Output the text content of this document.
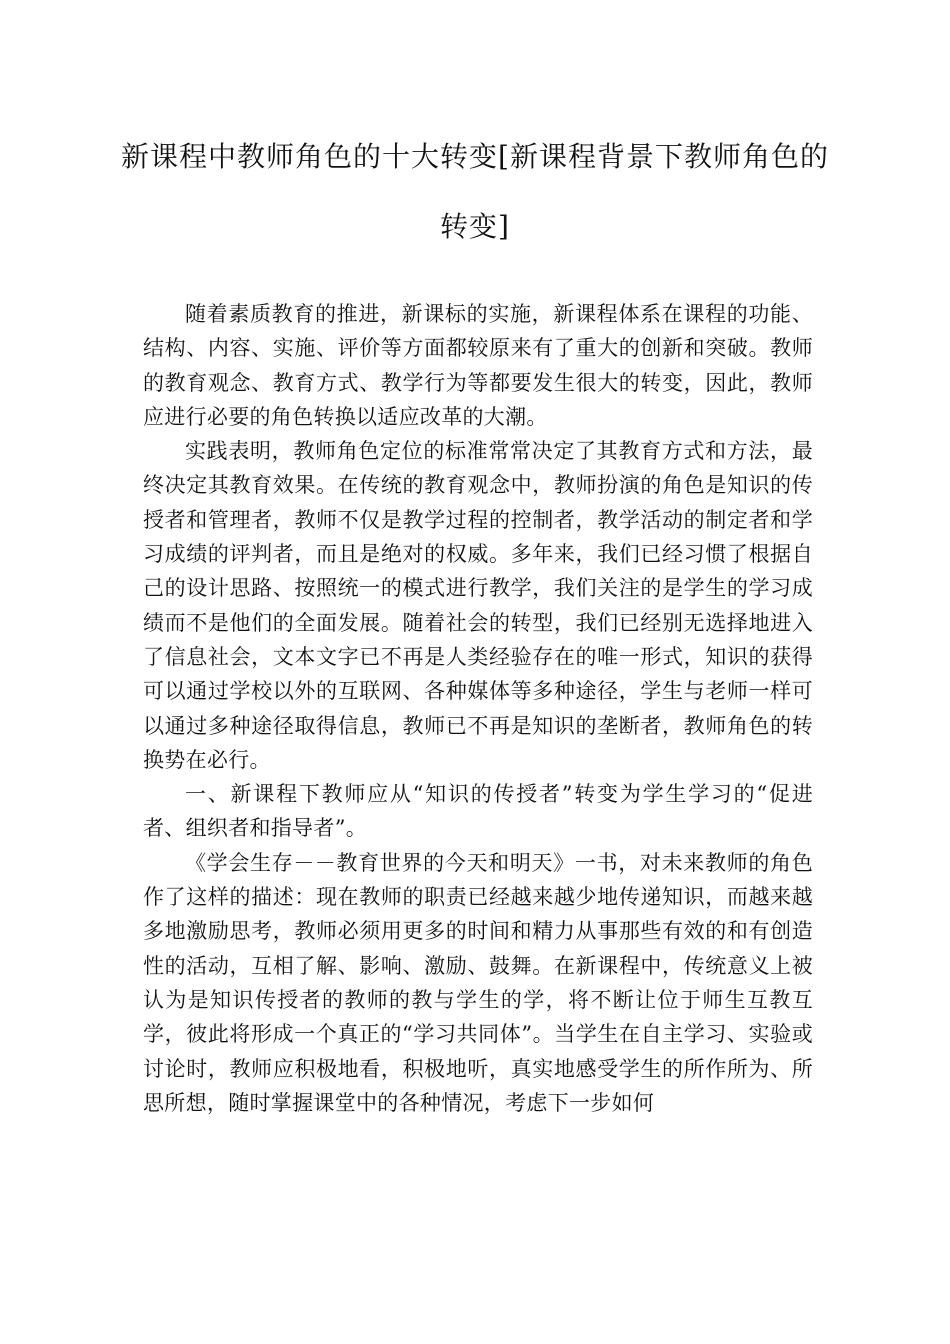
新课程中教师角色的十大转变[新课程背景下教师角色的转变]

随着素质教育的推进，新课标的实施，新课程体系在课程的功能、结构、内容、实施、评价等方面都较原来有了重大的创新和突破。教师的教育观念、教育方式、教学行为等都要发生很大的转变，因此，教师应进行必要的角色转换以适应改革的大潮。

实践表明，教师角色定位的标准常常决定了其教育方式和方法，最终决定其教育效果。在传统的教育观念中，教师扮演的角色是知识的传授者和管理者，教师不仅是教学过程的控制者，教学活动的制定者和学习成绩的评判者，而且是绝对的权威。多年来，我们已经习惯了根据自己的设计思路、按照统一的模式进行教学，我们关注的是学生的学习成绩而不是他们的全面发展。随着社会的转型，我们已经别无选择地进入了信息社会，文本文字已不再是人类经验存在的唯一形式，知识的获得可以通过学校以外的互联网、各种媒体等多种途径，学生与老师一样可以通过多种途径取得信息，教师已不再是知识的垄断者，教师角色的转换势在必行。

一、新课程下教师应从“知识的传授者”转变为学生学习的“促进者、组织者和指导者”。

《学会生存－－教育世界的今天和明天》一书，对未来教师的角色作了这样的描述：现在教师的职责已经越来越少地传递知识，而越来越多地激励思考，教师必须用更多的时间和精力从事那些有效的和有创造性的活动，互相了解、影响、激励、鼓舞。在新课程中，传统意义上被认为是知识传授者的教师的教与学生的学，将不断让位于师生互教互学，彼此将形成一个真正的“学习共同体”。当学生在自主学习、实验或讨论时，教师应积极地看，积极地听，真实地感受学生的所作所为、所思所想，随时掌握课堂中的各种情况，考虑下一步如何
